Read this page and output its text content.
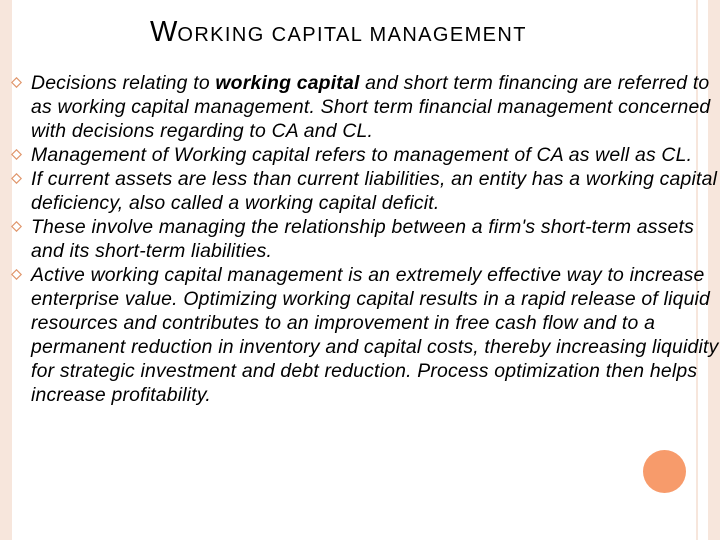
WORKING CAPITAL MANAGEMENT
Decisions relating to working capital and short term financing are referred to as working capital management. Short term financial management concerned with decisions regarding to CA and CL.
Management of Working capital refers to management of CA as well as CL.
If current assets are less than current liabilities, an entity has a working capital deficiency, also called a working capital deficit.
These involve managing the relationship between a firm's short-term assets and its short-term liabilities.
Active working capital management is an extremely effective way to increase enterprise value. Optimizing working capital results in a rapid release of liquid resources and contributes to an improvement in free cash flow and to a permanent reduction in inventory and capital costs, thereby increasing liquidity for strategic investment and debt reduction. Process optimization then helps increase profitability.
